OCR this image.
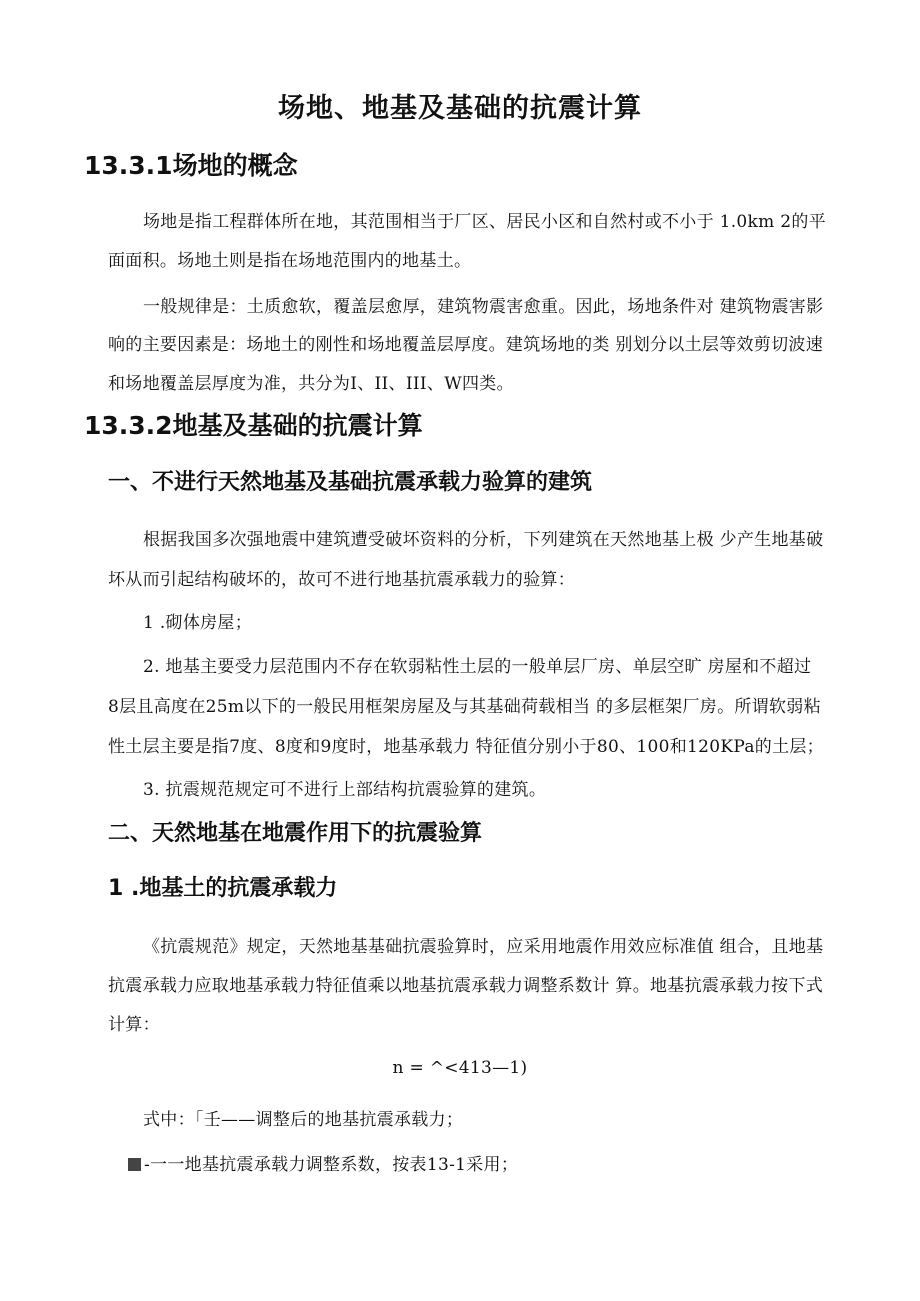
场地、地基及基础的抗震计算
13.3.1场地的概念
场地是指工程群体所在地，其范围相当于厂区、居民小区和自然村或不小于 1.0km 2的平
面面积。场地土则是指在场地范围内的地基土。
一般规律是：土质愈软，覆盖层愈厚，建筑物震害愈重。因此，场地条件对 建筑物震害影
响的主要因素是：场地土的刚性和场地覆盖层厚度。建筑场地的类 别划分以土层等效剪切波速
和场地覆盖层厚度为准，共分为I、II、III、W四类。
13.3.2地基及基础的抗震计算
一、不进行天然地基及基础抗震承载力验算的建筑
根据我国多次强地震中建筑遭受破坏资料的分析，下列建筑在天然地基上极 少产生地基破
坏从而引起结构破坏的，故可不进行地基抗震承载力的验算：
1 .砌体房屋；
2. 地基主要受力层范围内不存在软弱粘性土层的一般单层厂房、单层空旷 房屋和不超过
8层且高度在25m以下的一般民用框架房屋及与其基础荷载相当 的多层框架厂房。所谓软弱粘
性土层主要是指7度、8度和9度时，地基承载力 特征值分别小于80、100和120KPa的土层；
3. 抗震规范规定可不进行上部结构抗震验算的建筑。
二、天然地基在地震作用下的抗震验算
1 .地基土的抗震承载力
《抗震规范》规定，天然地基基础抗震验算时，应采用地震作用效应标准值 组合，且地基
抗震承载力应取地基承载力特征值乘以地基抗震承载力调整系数计 算。地基抗震承载力按下式
计算：
n = ^<413—1)
式中：「壬——调整后的地基抗震承载力；
-一一地基抗震承载力调整系数，按表13-1采用；
